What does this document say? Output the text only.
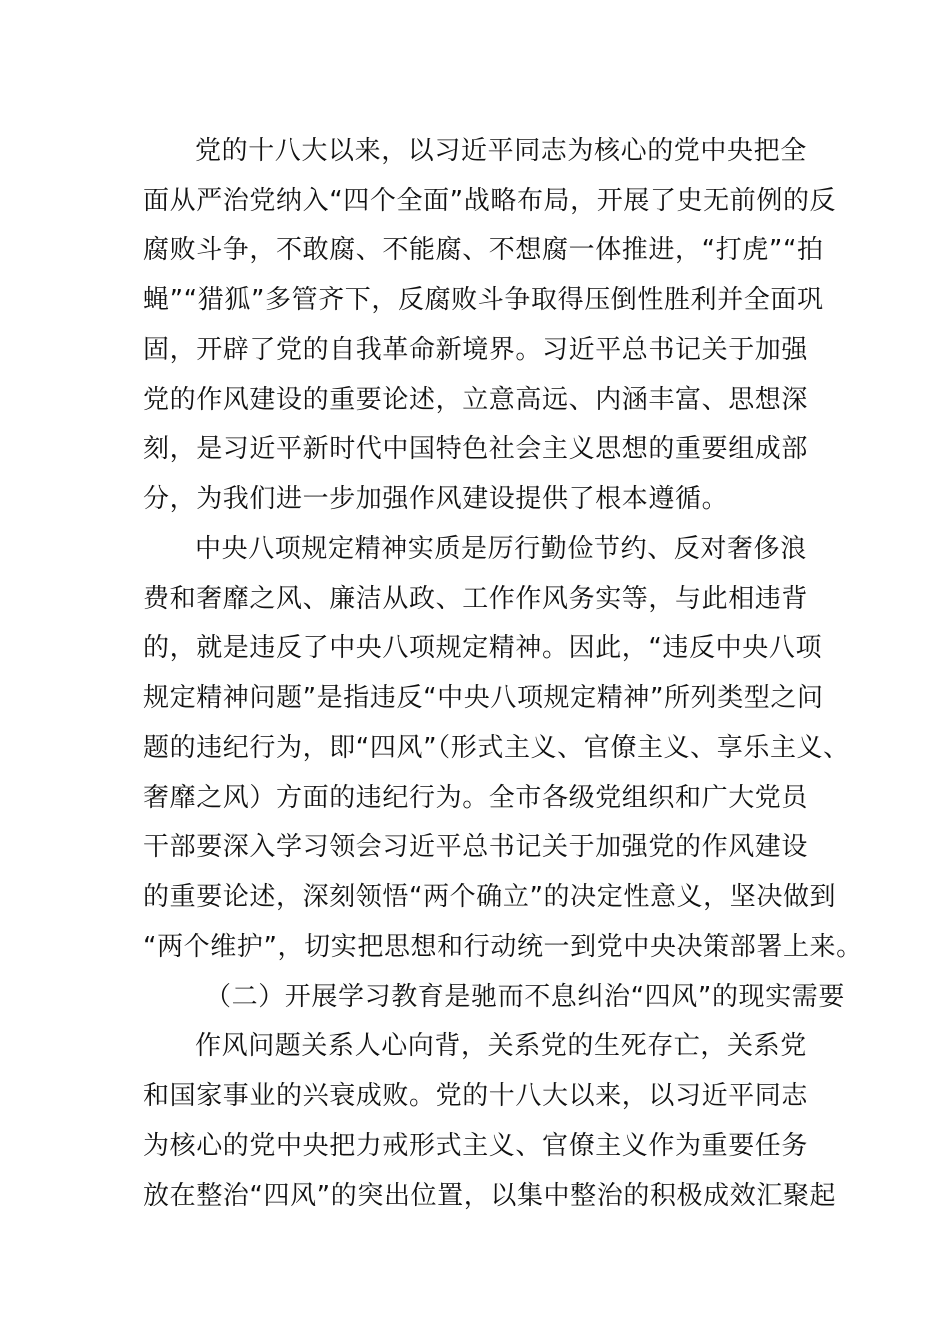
党的十八大以来，以习近平同志为核心的党中央把全
面从严治党纳入“四个全面”战略布局，开展了史无前例的反
腐败斗争，不敢腐、不能腐、不想腐一体推进，“打虎”“拍
蝇”“猎狐”多管齐下，反腐败斗争取得压倒性胜利并全面巩
固，开辟了党的自我革命新境界。习近平总书记关于加强
党的作风建设的重要论述，立意高远、内涵丰富、思想深
刻，是习近平新时代中国特色社会主义思想的重要组成部
分，为我们进一步加强作风建设提供了根本遵循。
中央八项规定精神实质是厉行勤俭节约、反对奢侈浪
费和奢靡之风、廉洁从政、工作作风务实等，与此相违背
的，就是违反了中央八项规定精神。因此，“违反中央八项
规定精神问题”是指违反“中央八项规定精神”所列类型之问
题的违纪行为，即“四风”（形式主义、官僚主义、享乐主义、
奢靡之风）方面的违纪行为。全市各级党组织和广大党员
干部要深入学习领会习近平总书记关于加强党的作风建设
的重要论述，深刻领悟“两个确立”的决定性意义，坚决做到
“两个维护”，切实把思想和行动统一到党中央决策部署上来。
（二）开展学习教育是驰而不息纠治“四风”的现实需要
作风问题关系人心向背，关系党的生死存亡，关系党
和国家事业的兴衰成败。党的十八大以来，以习近平同志
为核心的党中央把力戒形式主义、官僚主义作为重要任务
放在整治“四风”的突出位置，以集中整治的积极成效汇聚起
